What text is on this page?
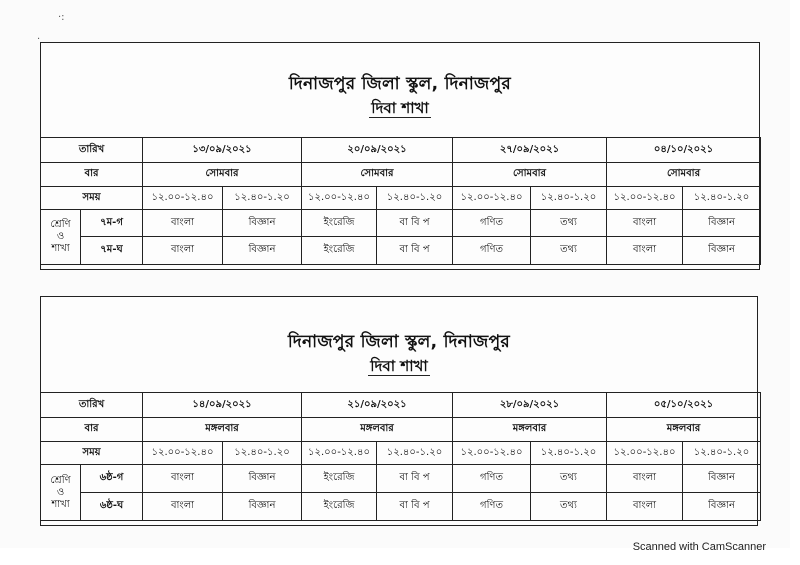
·:
·
দিনাজপুর জিলা স্কুল, দিনাজপুর
দিবা শাখা
তারিখ		১৩/০৯/২০২১		২০/০৯/২০২১		২৭/০৯/২০২১		০৪/১০/২০২১	
বার		সোমবার		সোমবার		সোমবার		সোমবার	
সময়		১২.০০-১২.৪০	১২.৪০-১.২০	১২.০০-১২.৪০	১২.৪০-১.২০	১২.০০-১২.৪০	১২.৪০-১.২০	১২.০০-১২.৪০	১২.৪০-১.২০

শ্রেণি
ও
শাখা	৭ম-গ	বাংলা	বিজ্ঞান	ইংরেজি	বা বি প	গণিত	তথ্য	বাংলা	বিজ্ঞান
	৭ম-ঘ	বাংলা	বিজ্ঞান	ইংরেজি	বা বি প	গণিত	তথ্য	বাংলা	বিজ্ঞান
দিনাজপুর জিলা স্কুল, দিনাজপুর
দিবা শাখা
তারিখ		১৪/০৯/২০২১		২১/০৯/২০২১		২৮/০৯/২০২১		০৫/১০/২০২১	
বার		মঙ্গলবার		মঙ্গলবার		মঙ্গলবার		মঙ্গলবার	
সময়		১২.০০-১২.৪০	১২.৪০-১.২০	১২.০০-১২.৪০	১২.৪০-১.২০	১২.০০-১২.৪০	১২.৪০-১.২০	১২.০০-১২.৪০	১২.৪০-১.২০

শ্রেণি
ও
শাখা	৬ষ্ঠ-গ	বাংলা	বিজ্ঞান	ইংরেজি	বা বি প	গণিত	তথ্য	বাংলা	বিজ্ঞান
	৬ষ্ঠ-ঘ	বাংলা	বিজ্ঞান	ইংরেজি	বা বি প	গণিত	তথ্য	বাংলা	বিজ্ঞান
Scanned with CamScanner
